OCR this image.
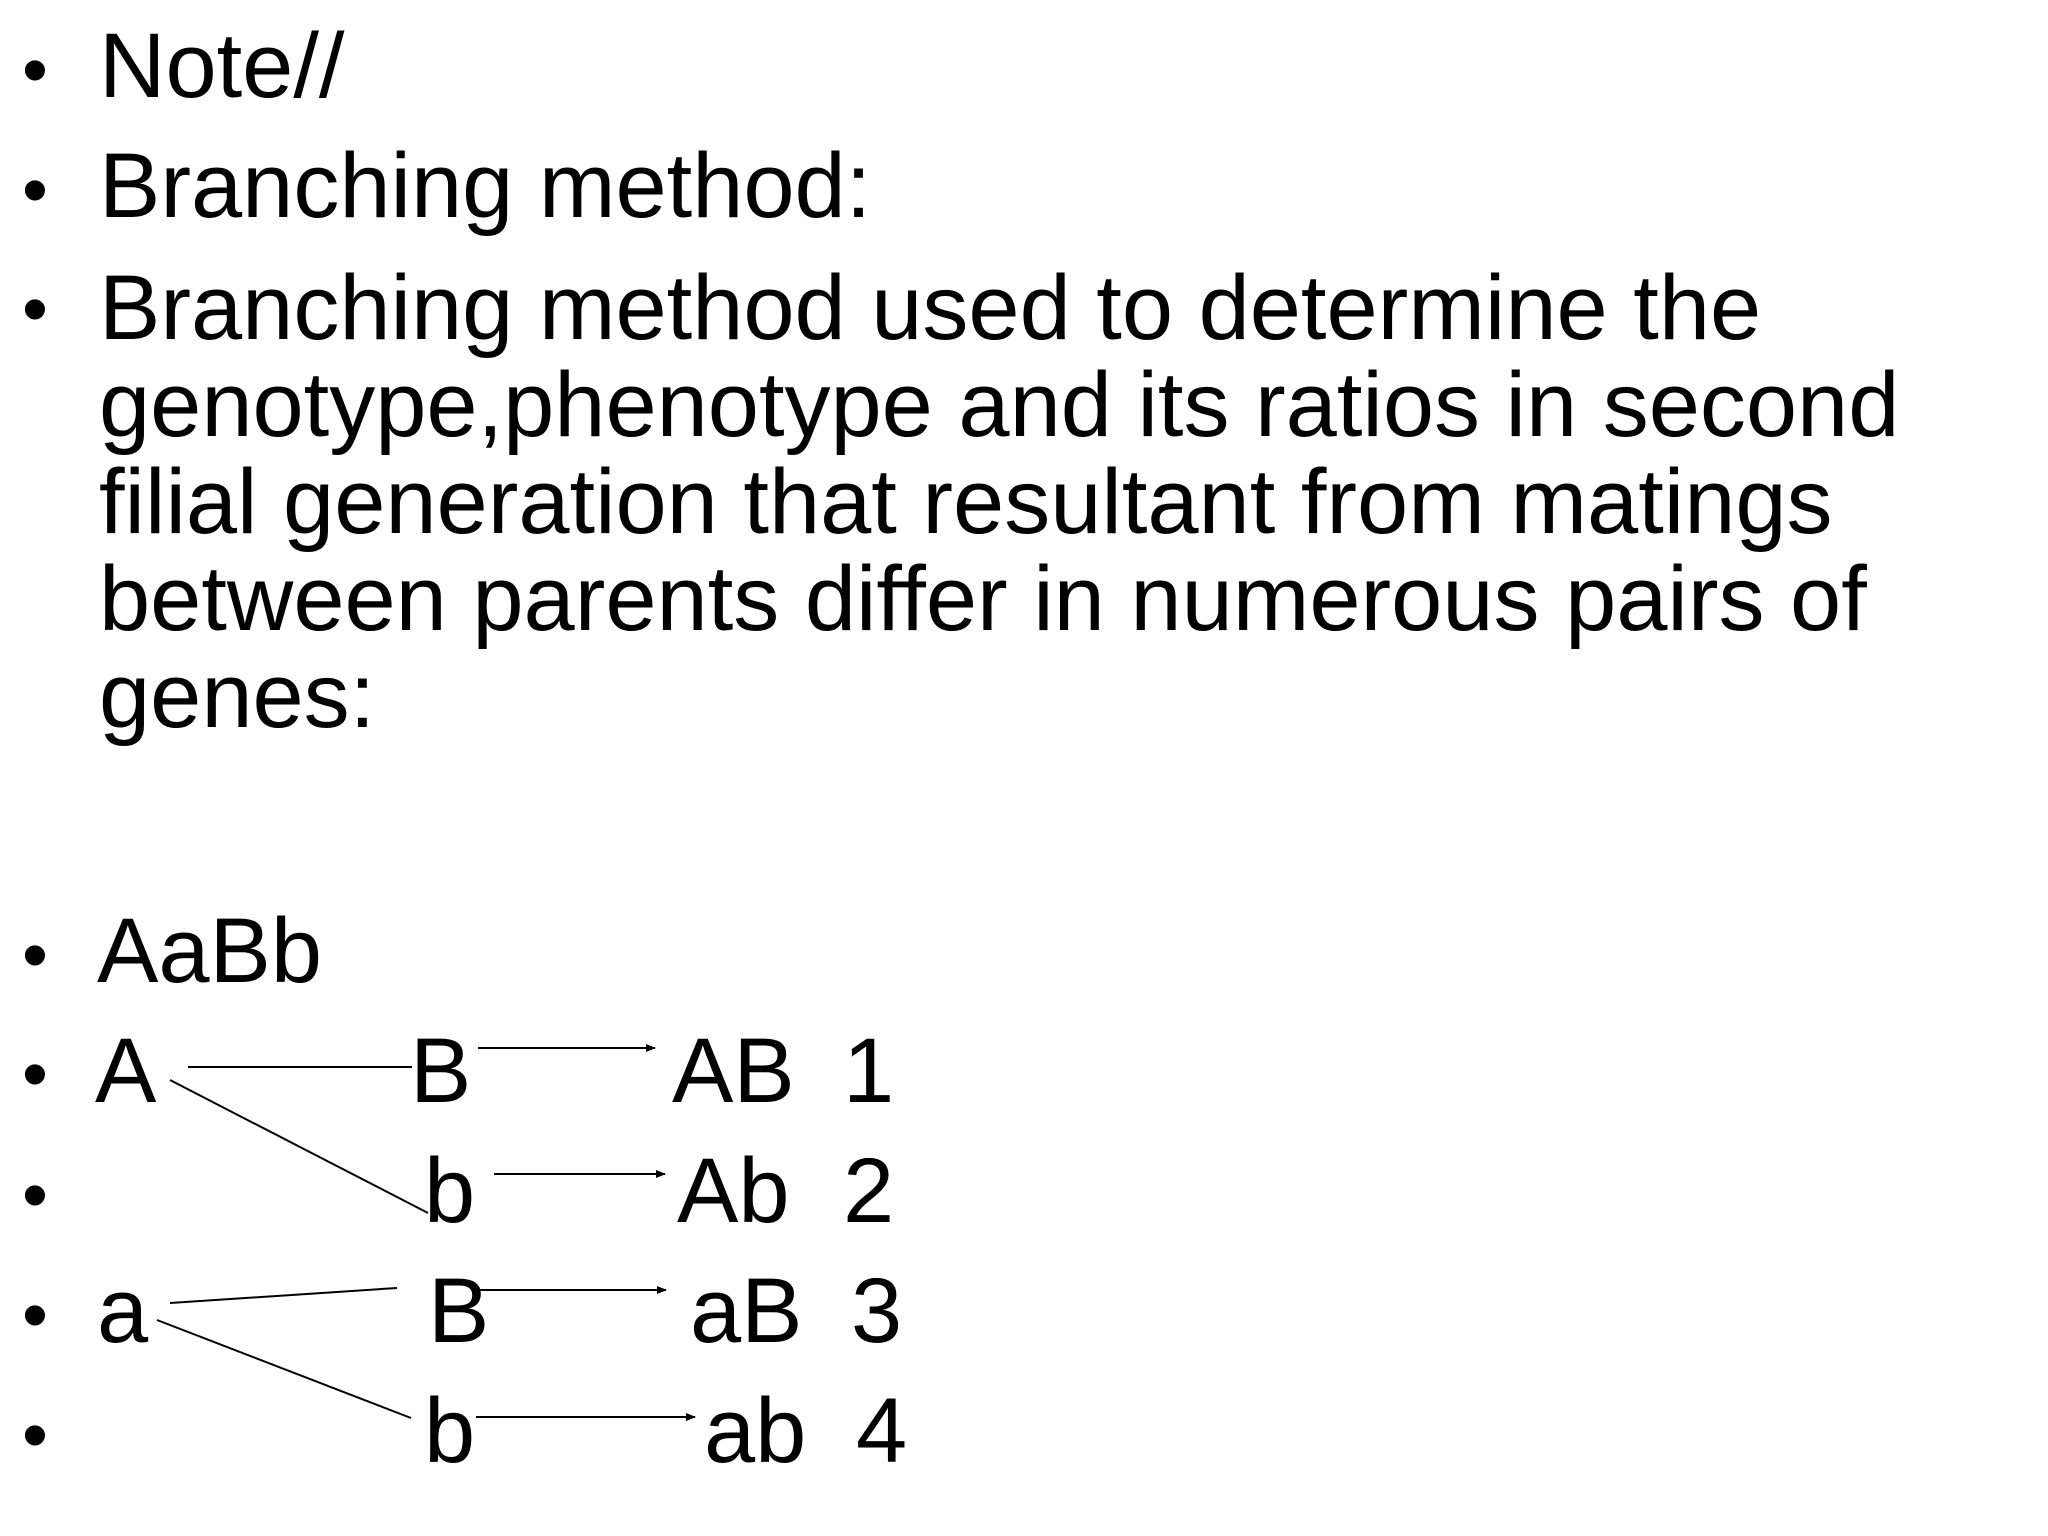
•
•
•
•
•
•
•
•
Note//
Branching method:
Branching method used to determine the
genotype,phenotype and its ratios in second
filial generation that resultant from matings
between parents differ in numerous pairs of
genes:
AaBb
A	B AB 1
b Ab 2
a	B aB 3
b ab 4
